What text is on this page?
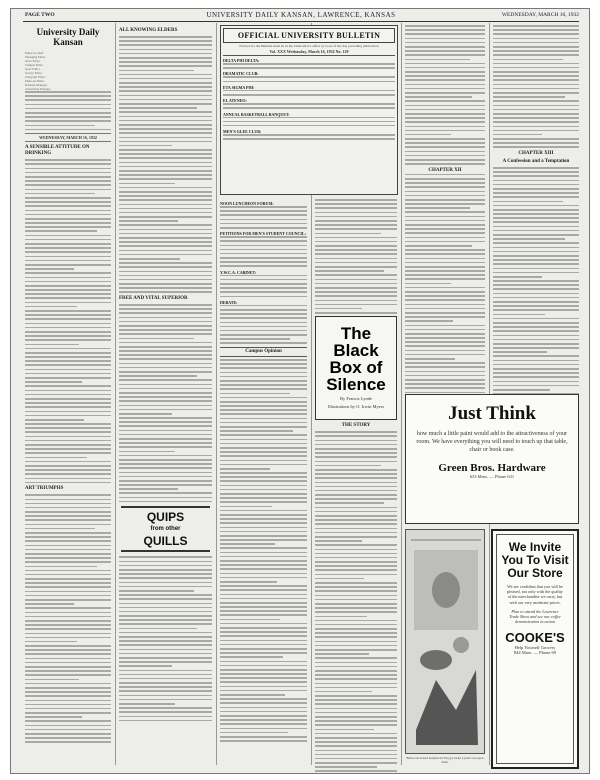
PAGE TWO	UNIVERSITY DAILY KANSAN, LAWRENCE, KANSAS	WEDNESDAY, MARCH 16, 1932
University Daily Kansan
Editor-in-Chief
Managing Editor
News Editor
Campus Editor
Sport Editor
Society Editor
Telegraph Editor
Make-up Editor
Business Manager
Advertising Manager
WEDNESDAY, MARCH 16, 1932
A SENSIBLE ATTITUDE ON DRINKING
ART TRIUMPHS
ALL KNOWING ELDERS
FREE AND VITAL SUPERIOR
QUIPS
from other
QUILLS
OFFICIAL UNIVERSITY BULLETIN
Notices for the Bulletin must be in the Chancellor's office by noon of the day preceding publication
Vol. XXX Wednesday, March 16, 1932 No. 129
DELTA PHI DELTA:
DRAMATIC CLUB:
ETA SIGMA PHI:
EL ATENEO:
ANNUAL BASKETBALL BANQUET:
MEN'S GLEE CLUB:
NOON LUNCHEON FORUM:
PETITIONS FOR MEN'S STUDENT COUNCIL:
Y.W.C.A. CABINET:
DEBATE:
Campus Opinion
The Black Box of Silence
By Francis Lynde
Illustrations by O. Irwin Myers
THE STORY
CHAPTER XII
Before the Scared Surprise the Trig got lucky. Lynde's was upon them.
CHAPTER XIII
A Confession and a Temptation
Just Think
how much a little paint would add to the attractiveness of your room. We have everything you will need to touch up that table, chair or book case.
Green Bros. Hardware
633 Mass. — Phone 631
We Invite You To Visit Our Store
We are confident that you will be pleased, not only with the quality of the merchandise we carry, but with our very moderate prices.
Plan to attend the Lawrence Trade Show and see our coffee demonstration in action
COOKE'S
Help Yourself Grocery
844 Mass. — Phone 69
